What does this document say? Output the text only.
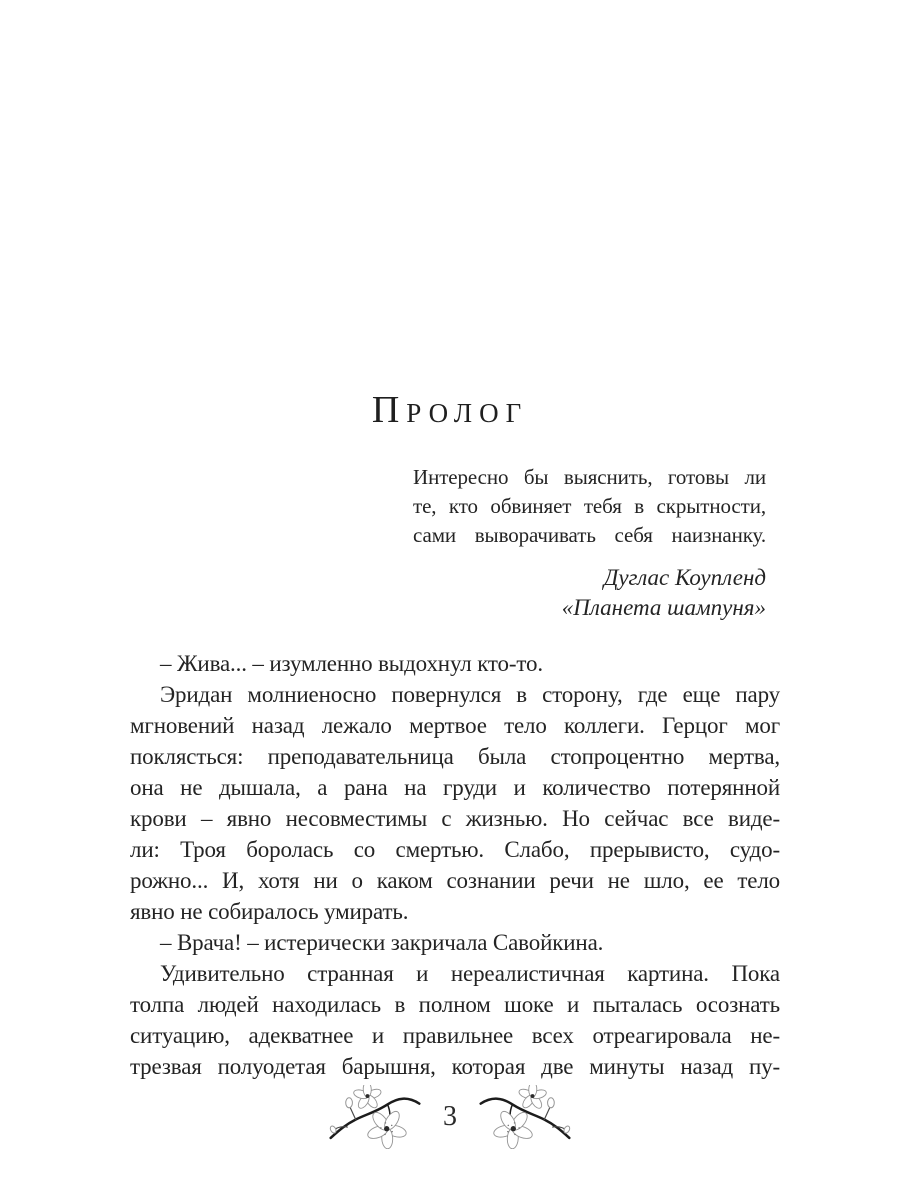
ПРОЛОГ
Интересно бы выяснить, готовы ли
те, кто обвиняет тебя в скрытности,
сами выворачивать себя наизнанку.
Дуглас Коупленд
«Планета шампуня»
– Жива... – изумленно выдохнул кто-то.
Эридан молниеносно повернулся в сторону, где еще пару
мгновений назад лежало мертвое тело коллеги. Герцог мог
поклясться: преподавательница была стопроцентно мертва,
она не дышала, а рана на груди и количество потерянной
крови – явно несовместимы с жизнью. Но сейчас все виде-
ли: Троя боролась со смертью. Слабо, прерывисто, судо-
рожно... И, хотя ни о каком сознании речи не шло, ее тело
явно не собиралось умирать.
– Врача! – истерически закричала Савойкина.
Удивительно странная и нереалистичная картина. Пока
толпа людей находилась в полном шоке и пыталась осознать
ситуацию, адекватнее и правильнее всех отреагировала не-
трезвая полуодетая барышня, которая две минуты назад пу-
3
